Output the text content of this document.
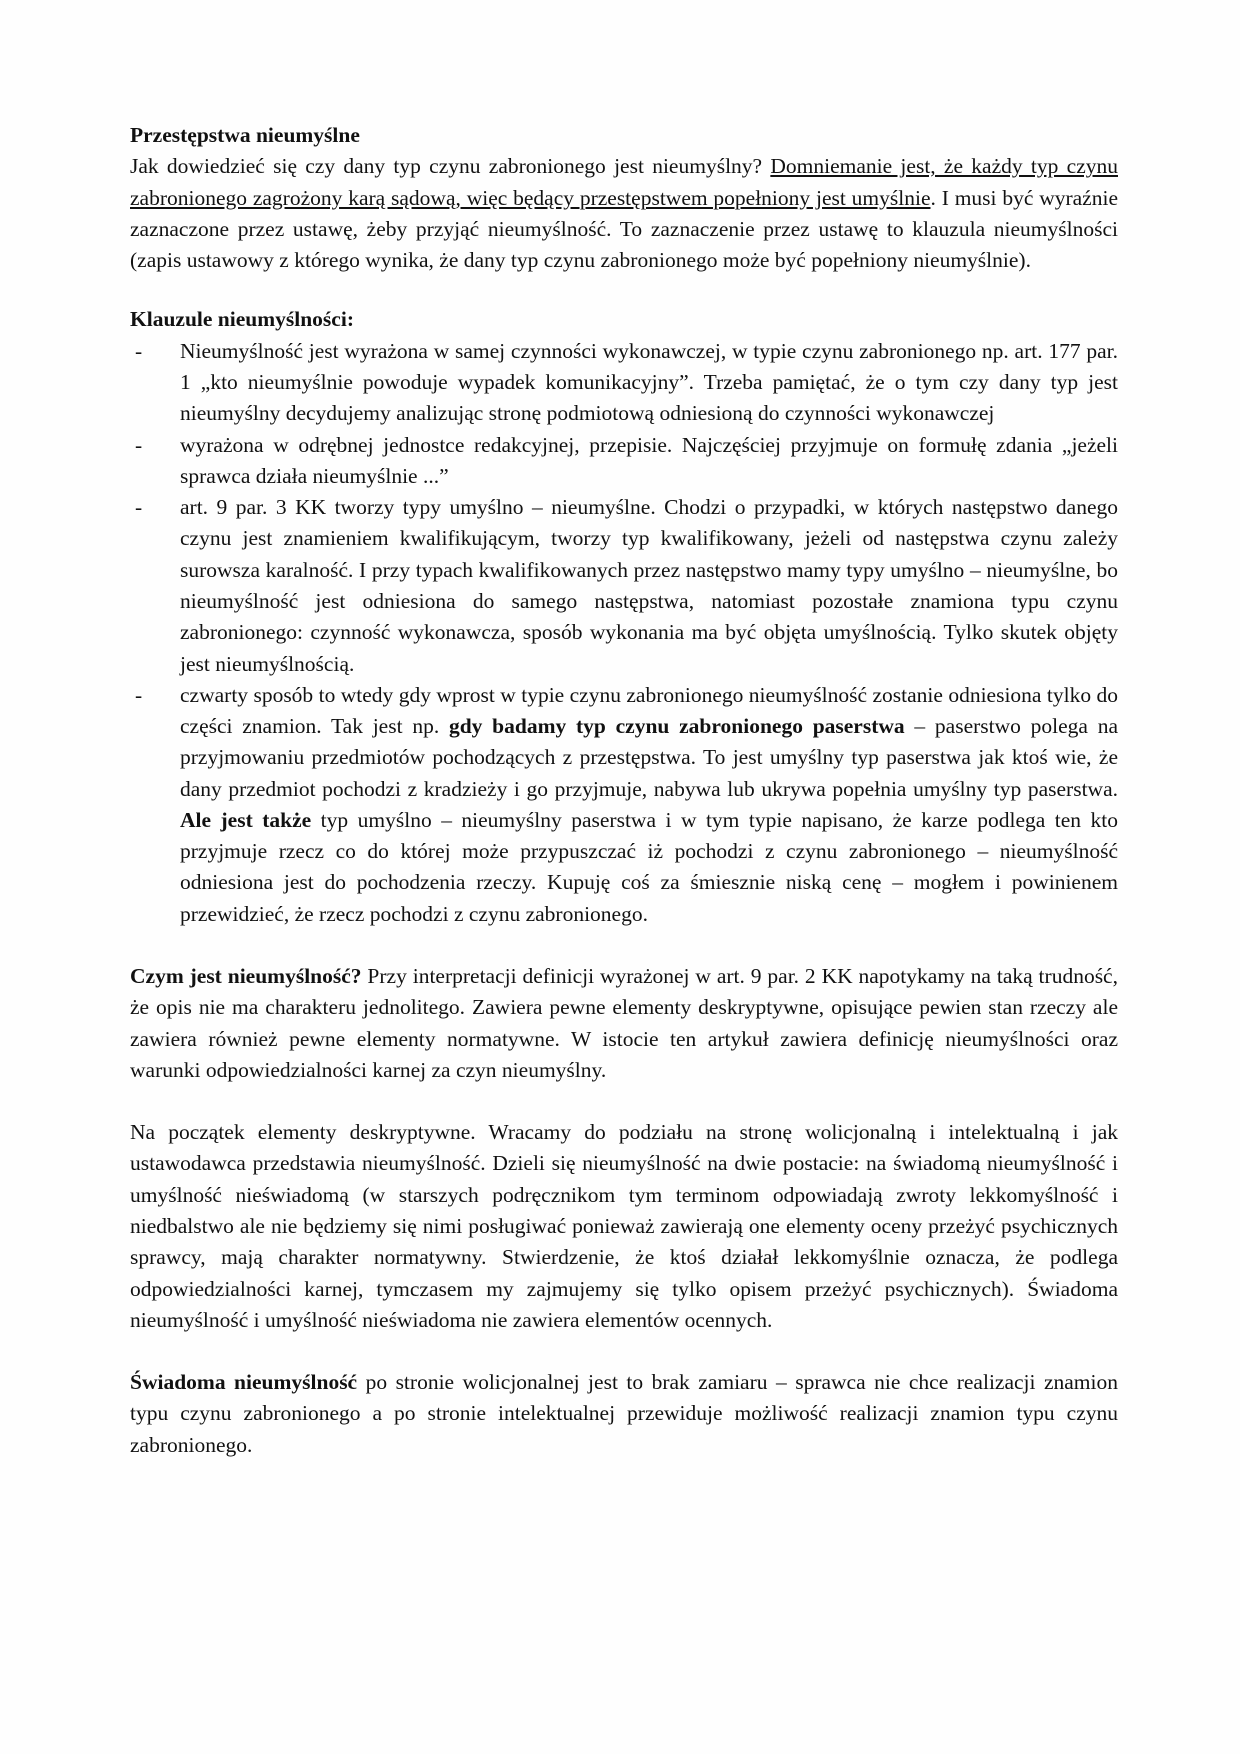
Przestępstwa nieumyślne

Jak dowiedzieć się czy dany typ czynu zabronionego jest nieumyślny? Domniemanie jest, że każdy typ czynu zabronionego zagrożony karą sądową, więc będący przestępstwem popełniony jest umyślnie. I musi być wyraźnie zaznaczone przez ustawę, żeby przyjąć nieumyślność. To zaznaczenie przez ustawę to klauzula nieumyślności (zapis ustawowy z którego wynika, że dany typ czynu zabronionego może być popełniony nieumyślnie).

Klauzule nieumyślności:
-	Nieumyślność jest wyrażona w samej czynności wykonawczej, w typie czynu zabronionego np. art. 177 par. 1 „kto nieumyślnie powoduje wypadek komunikacyjny”. Trzeba pamiętać, że o tym czy dany typ jest nieumyślny decydujemy analizując stronę podmiotową odniesioną do czynności wykonawczej
-	wyrażona w odrębnej jednostce redakcyjnej, przepisie. Najczęściej przyjmuje on formułę zdania „jeżeli sprawca działa nieumyślnie ...”
-	art. 9 par. 3 KK tworzy typy umyślno – nieumyślne. Chodzi o przypadki, w których następstwo danego czynu jest znamieniem kwalifikującym, tworzy typ kwalifikowany, jeżeli od następstwa czynu zależy surowsza karalność. I przy typach kwalifikowanych przez następstwo mamy typy umyślno – nieumyślne, bo nieumyślność jest odniesiona do samego następstwa, natomiast pozostałe znamiona typu czynu zabronionego: czynność wykonawcza, sposób wykonania ma być objęta umyślnością. Tylko skutek objęty jest nieumyślnością.
-	czwarty sposób to wtedy gdy wprost w typie czynu zabronionego nieumyślność zostanie odniesiona tylko do części znamion. Tak jest np. gdy badamy typ czynu zabronionego paserstwa – paserstwo polega na przyjmowaniu przedmiotów pochodzących z przestępstwa. To jest umyślny typ paserstwa jak ktoś wie, że dany przedmiot pochodzi z kradzieży i go przyjmuje, nabywa lub ukrywa popełnia umyślny typ paserstwa. Ale jest także typ umyślno – nieumyślny paserstwa i w tym typie napisano, że karze podlega ten kto przyjmuje rzecz co do której może przypuszczać iż pochodzi z czynu zabronionego – nieumyślność odniesiona jest do pochodzenia rzeczy. Kupuję coś za śmiesznie niską cenę – mogłem i powinienem przewidzieć, że rzecz pochodzi z czynu zabronionego.

Czym jest nieumyślność? Przy interpretacji definicji wyrażonej w art. 9 par. 2 KK napotykamy na taką trudność, że opis nie ma charakteru jednolitego. Zawiera pewne elementy deskryptywne, opisujące pewien stan rzeczy ale zawiera również pewne elementy normatywne. W istocie ten artykuł zawiera definicję nieumyślności oraz warunki odpowiedzialności karnej za czyn nieumyślny.

Na początek elementy deskryptywne. Wracamy do podziału na stronę wolicjonalną i intelektualną i jak ustawodawca przedstawia nieumyślność. Dzieli się nieumyślność na dwie postacie: na świadomą nieumyślność i umyślność nieświadomą (w starszych podręcznikom tym terminom odpowiadają zwroty lekkomyślność i niedbalstwo ale nie będziemy się nimi posługiwać ponieważ zawierają one elementy oceny przeżyć psychicznych sprawcy, mają charakter normatywny. Stwierdzenie, że ktoś działał lekkomyślnie oznacza, że podlega odpowiedzialności karnej, tymczasem my zajmujemy się tylko opisem przeżyć psychicznych). Świadoma nieumyślność i umyślność nieświadoma nie zawiera elementów ocennych.

Świadoma nieumyślność po stronie wolicjonalnej jest to brak zamiaru – sprawca nie chce realizacji znamion typu czynu zabronionego a po stronie intelektualnej przewiduje możliwość realizacji znamion typu czynu zabronionego.
